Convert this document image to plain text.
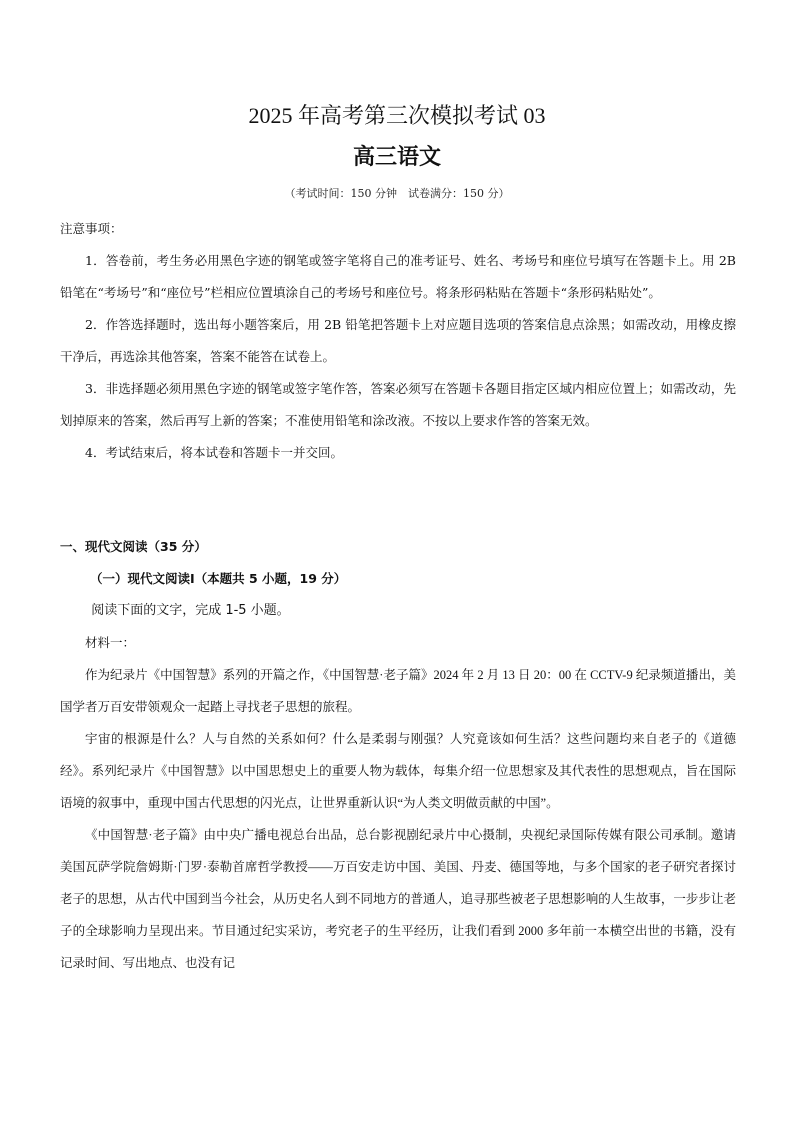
2025 年高考第三次模拟考试 03
高三语文
（考试时间：150 分钟　试卷满分：150 分）
注意事项：
1．答卷前，考生务必用黑色字迹的钢笔或签字笔将自己的准考证号、姓名、考场号和座位号填写在答题卡上。用 2B 铅笔在“考场号”和“座位号”栏相应位置填涂自己的考场号和座位号。将条形码粘贴在答题卡“条形码粘贴处”。
2．作答选择题时，选出每小题答案后，用 2B 铅笔把答题卡上对应题目选项的答案信息点涂黑；如需改动，用橡皮擦干净后，再选涂其他答案，答案不能答在试卷上。
3．非选择题必须用黑色字迹的钢笔或签字笔作答，答案必须写在答题卡各题目指定区域内相应位置上；如需改动，先划掉原来的答案，然后再写上新的答案；不准使用铅笔和涂改液。不按以上要求作答的答案无效。
4．考试结束后，将本试卷和答题卡一并交回。
一、现代文阅读（35 分）
（一）现代文阅读Ⅰ（本题共 5 小题，19 分）
阅读下面的文字，完成 1-5 小题。
材料一：
作为纪录片《中国智慧》系列的开篇之作，《中国智慧·老子篇》2024 年 2 月 13 日 20：00 在 CCTV-9 纪录频道播出，美国学者万百安带领观众一起踏上寻找老子思想的旅程。
宇宙的根源是什么？人与自然的关系如何？什么是柔弱与刚强？人究竟该如何生活？这些问题均来自老子的《道德经》。系列纪录片《中国智慧》以中国思想史上的重要人物为载体，每集介绍一位思想家及其代表性的思想观点，旨在国际语境的叙事中，重现中国古代思想的闪光点，让世界重新认识“为人类文明做贡献的中国”。
《中国智慧·老子篇》由中央广播电视总台出品，总台影视剧纪录片中心摄制，央视纪录国际传媒有限公司承制。邀请美国瓦萨学院詹姆斯·门罗·泰勒首席哲学教授——万百安走访中国、美国、丹麦、德国等地，与多个国家的老子研究者探讨老子的思想，从古代中国到当今社会，从历史名人到不同地方的普通人，追寻那些被老子思想影响的人生故事，一步步让老子的全球影响力呈现出来。节目通过纪实采访，考究老子的生平经历，让我们看到 2000 多年前一本横空出世的书籍，没有记录时间、写出地点、也没有记
